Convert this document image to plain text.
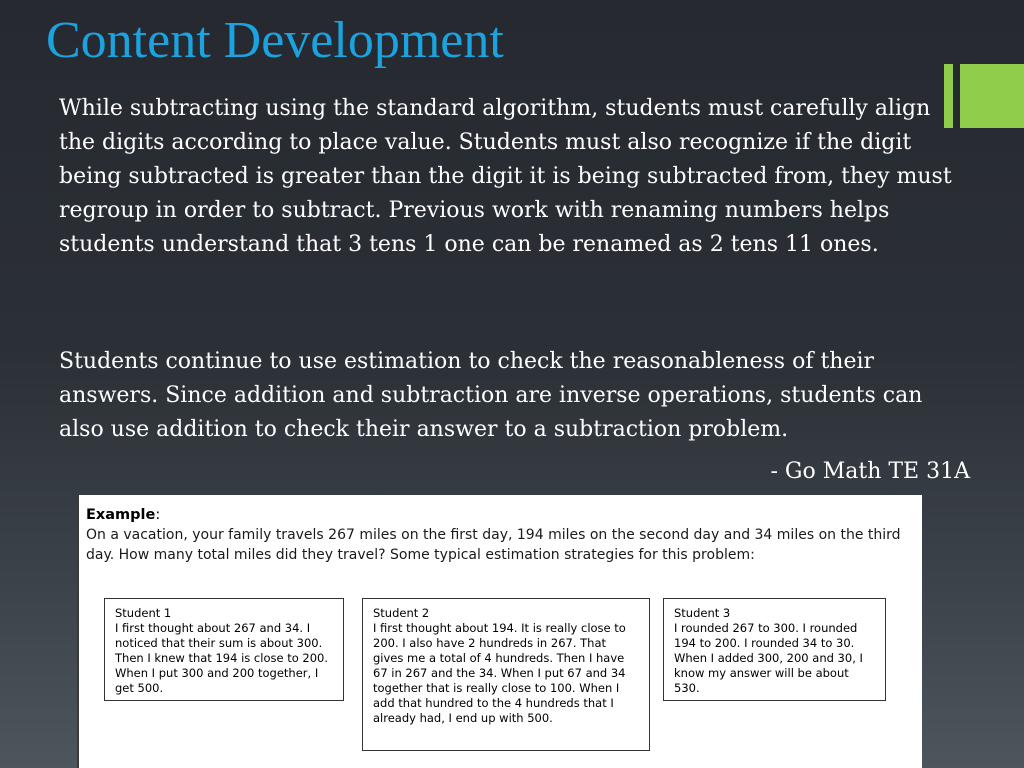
Content Development

While subtracting using the standard algorithm, students must carefully align the digits according to place value. Students must also recognize if the digit being subtracted is greater than the digit it is being subtracted from, they must regroup in order to subtract. Previous work with renaming numbers helps students understand that 3 tens 1 one can be renamed as 2 tens 11 ones.

Students continue to use estimation to check the reasonableness of their answers. Since addition and subtraction are inverse operations, students can also use addition to check their answer to a subtraction problem.

- Go Math TE 31A

Example:

On a vacation, your family travels 267 miles on the first day, 194 miles on the second day and 34 miles on the third day. How many total miles did they travel? Some typical estimation strategies for this problem:

Student 1
I first thought about 267 and 34. I noticed that their sum is about 300. Then I knew that 194 is close to 200. When I put 300 and 200 together, I get 500.
Student 2
I first thought about 194. It is really close to 200. I also have 2 hundreds in 267. That gives me a total of 4 hundreds. Then I have 67 in 267 and the 34. When I put 67 and 34 together that is really close to 100. When I add that hundred to the 4 hundreds that I already had, I end up with 500.
Student 3
I rounded 267 to 300. I rounded 194 to 200. I rounded 34 to 30. When I added 300, 200 and 30, I know my answer will be about 530.
